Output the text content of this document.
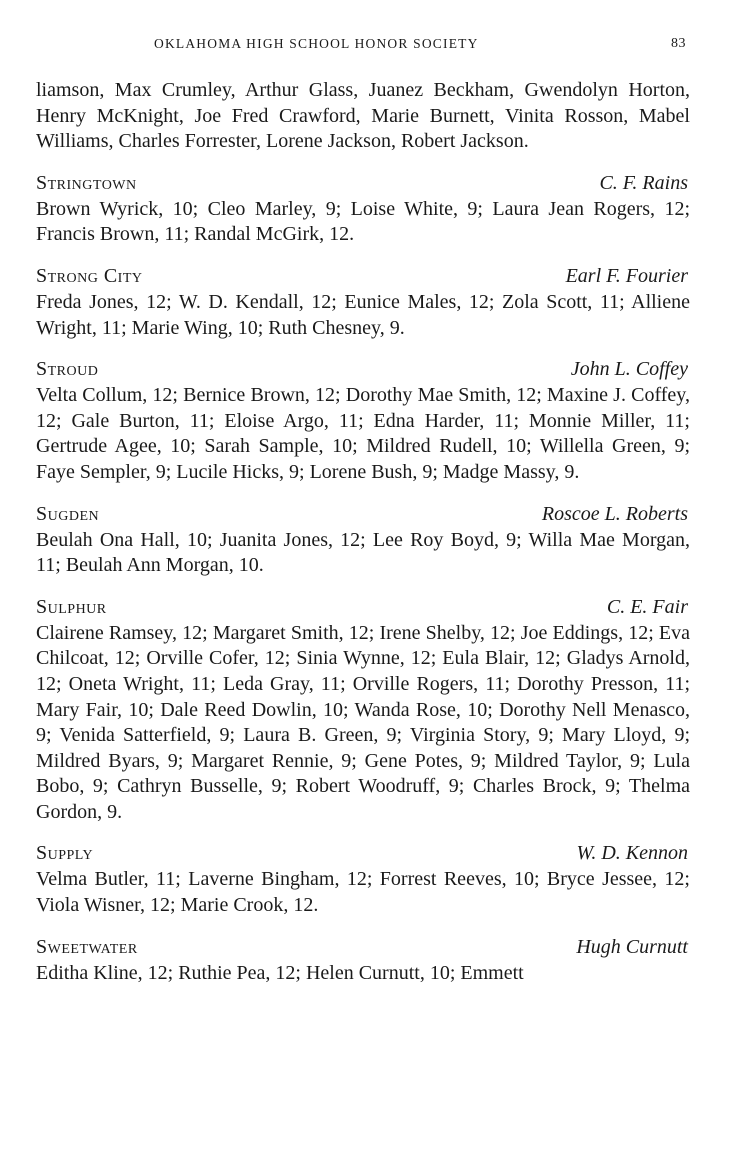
OKLAHOMA HIGH SCHOOL HONOR SOCIETY	83

liamson, Max Crumley, Arthur Glass, Juanez Beckham, Gwendolyn Horton, Henry McKnight, Joe Fred Crawford, Marie Burnett, Vinita Rosson, Mabel Williams, Charles Forrester, Lorene Jackson, Robert Jackson.

Stringtown	C. F. Rains

Brown Wyrick, 10; Cleo Marley, 9; Loise White, 9; Laura Jean Rogers, 12; Francis Brown, 11; Randal McGirk, 12.

Strong City	Earl F. Fourier

Freda Jones, 12; W. D. Kendall, 12; Eunice Males, 12; Zola Scott, 11; Alliene Wright, 11; Marie Wing, 10; Ruth Chesney, 9.

Stroud	John L. Coffey

Velta Collum, 12; Bernice Brown, 12; Dorothy Mae Smith, 12; Maxine J. Coffey, 12; Gale Burton, 11; Eloise Argo, 11; Edna Harder, 11; Monnie Miller, 11; Gertrude Agee, 10; Sarah Sample, 10; Mildred Rudell, 10; Willella Green, 9; Faye Sempler, 9; Lucile Hicks, 9; Lorene Bush, 9; Madge Massy, 9.

Sugden	Roscoe L. Roberts

Beulah Ona Hall, 10; Juanita Jones, 12; Lee Roy Boyd, 9; Willa Mae Morgan, 11; Beulah Ann Morgan, 10.

Sulphur	C. E. Fair

Clairene Ramsey, 12; Margaret Smith, 12; Irene Shelby, 12; Joe Eddings, 12; Eva Chilcoat, 12; Orville Cofer, 12; Sinia Wynne, 12; Eula Blair, 12; Gladys Arnold, 12; Oneta Wright, 11; Leda Gray, 11; Orville Rogers, 11; Dorothy Presson, 11; Mary Fair, 10; Dale Reed Dowlin, 10; Wanda Rose, 10; Dorothy Nell Menasco, 9; Venida Satterfield, 9; Laura B. Green, 9; Virginia Story, 9; Mary Lloyd, 9; Mildred Byars, 9; Margaret Rennie, 9; Gene Potes, 9; Mildred Taylor, 9; Lula Bobo, 9; Cathryn Busselle, 9; Robert Woodruff, 9; Charles Brock, 9; Thelma Gordon, 9.

Supply	W. D. Kennon

Velma Butler, 11; Laverne Bingham, 12; Forrest Reeves, 10; Bryce Jessee, 12; Viola Wisner, 12; Marie Crook, 12.

Sweetwater	Hugh Curnutt

Editha Kline, 12; Ruthie Pea, 12; Helen Curnutt, 10; Emmett
